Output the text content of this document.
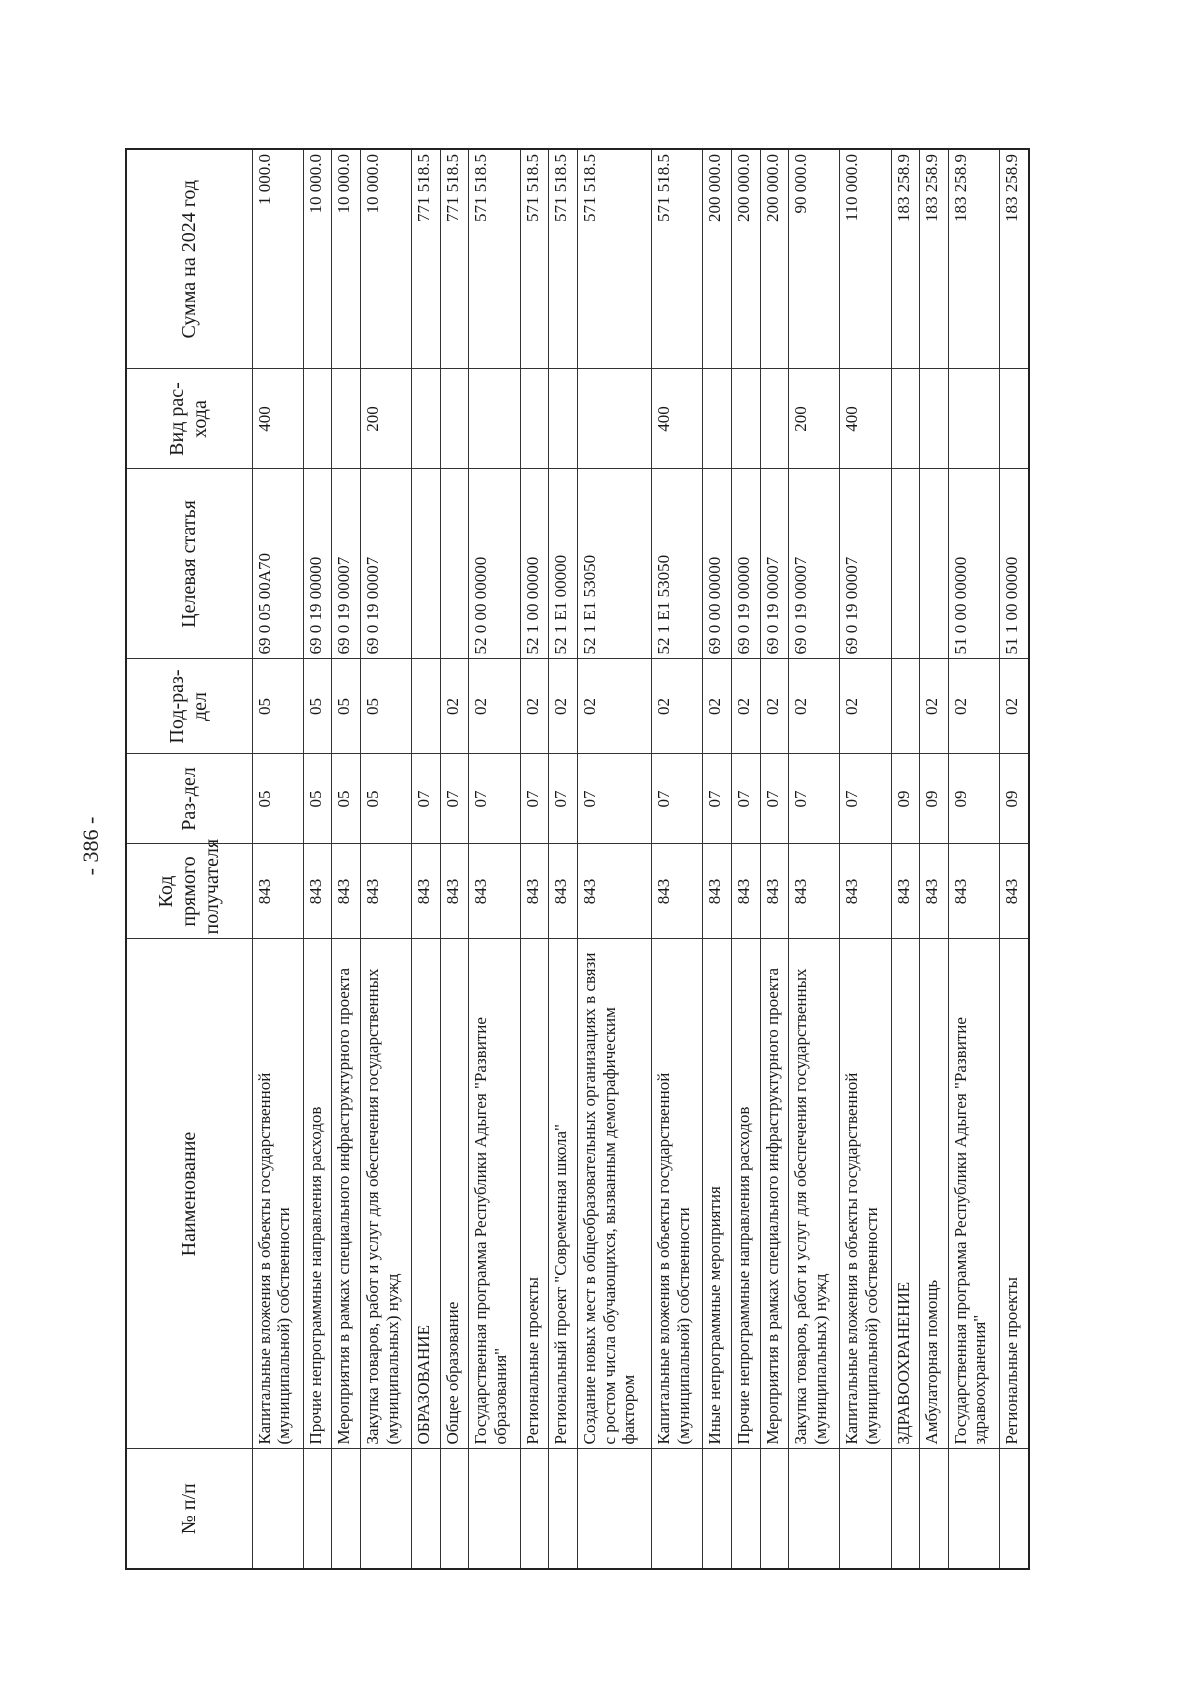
- 386 -
№ п/п	Наименование	Код прямого получателя	Раз-дел	Под-раз-дел	Целевая статья	Вид рас-хода	Сумма на 2024 год
	Капитальные вложения в объекты государственной (муниципальной) собственности	843	05	05	69 0 05 00А70	400	1 000.0
	Прочие непрограммные направления расходов	843	05	05	69 0 19 00000		10 000.0
	Мероприятия в рамках специального инфраструктурного проекта	843	05	05	69 0 19 00007		10 000.0
	Закупка товаров, работ и услуг для обеспечения государственных (муниципальных) нужд	843	05	05	69 0 19 00007	200	10 000.0
	ОБРАЗОВАНИЕ	843	07				771 518.5
	Общее образование	843	07	02			771 518.5
	Государственная программа Республики Адыгея "Развитие образования"	843	07	02	52 0 00 00000		571 518.5
	Региональные проекты	843	07	02	52 1 00 00000		571 518.5
	Региональный проект "Современная школа"	843	07	02	52 1 Е1 00000		571 518.5
	Создание новых мест в общеобразовательных организациях в связи с ростом числа обучающихся, вызванным демографическим фактором	843	07	02	52 1 Е1 53050		571 518.5
	Капитальные вложения в объекты государственной (муниципальной) собственности	843	07	02	52 1 Е1 53050	400	571 518.5
	Иные непрограммные мероприятия	843	07	02	69 0 00 00000		200 000.0
	Прочие непрограммные направления расходов	843	07	02	69 0 19 00000		200 000.0
	Мероприятия в рамках специального инфраструктурного проекта	843	07	02	69 0 19 00007		200 000.0
	Закупка товаров, работ и услуг для обеспечения государственных (муниципальных) нужд	843	07	02	69 0 19 00007	200	90 000.0
	Капитальные вложения в объекты государственной (муниципальной) собственности	843	07	02	69 0 19 00007	400	110 000.0
	ЗДРАВООХРАНЕНИЕ	843	09				183 258.9
	Амбулаторная помощь	843	09	02			183 258.9
	Государственная программа Республики Адыгея "Развитие здравоохранения"	843	09	02	51 0 00 00000		183 258.9
	Региональные проекты	843	09	02	51 1 00 00000		183 258.9
